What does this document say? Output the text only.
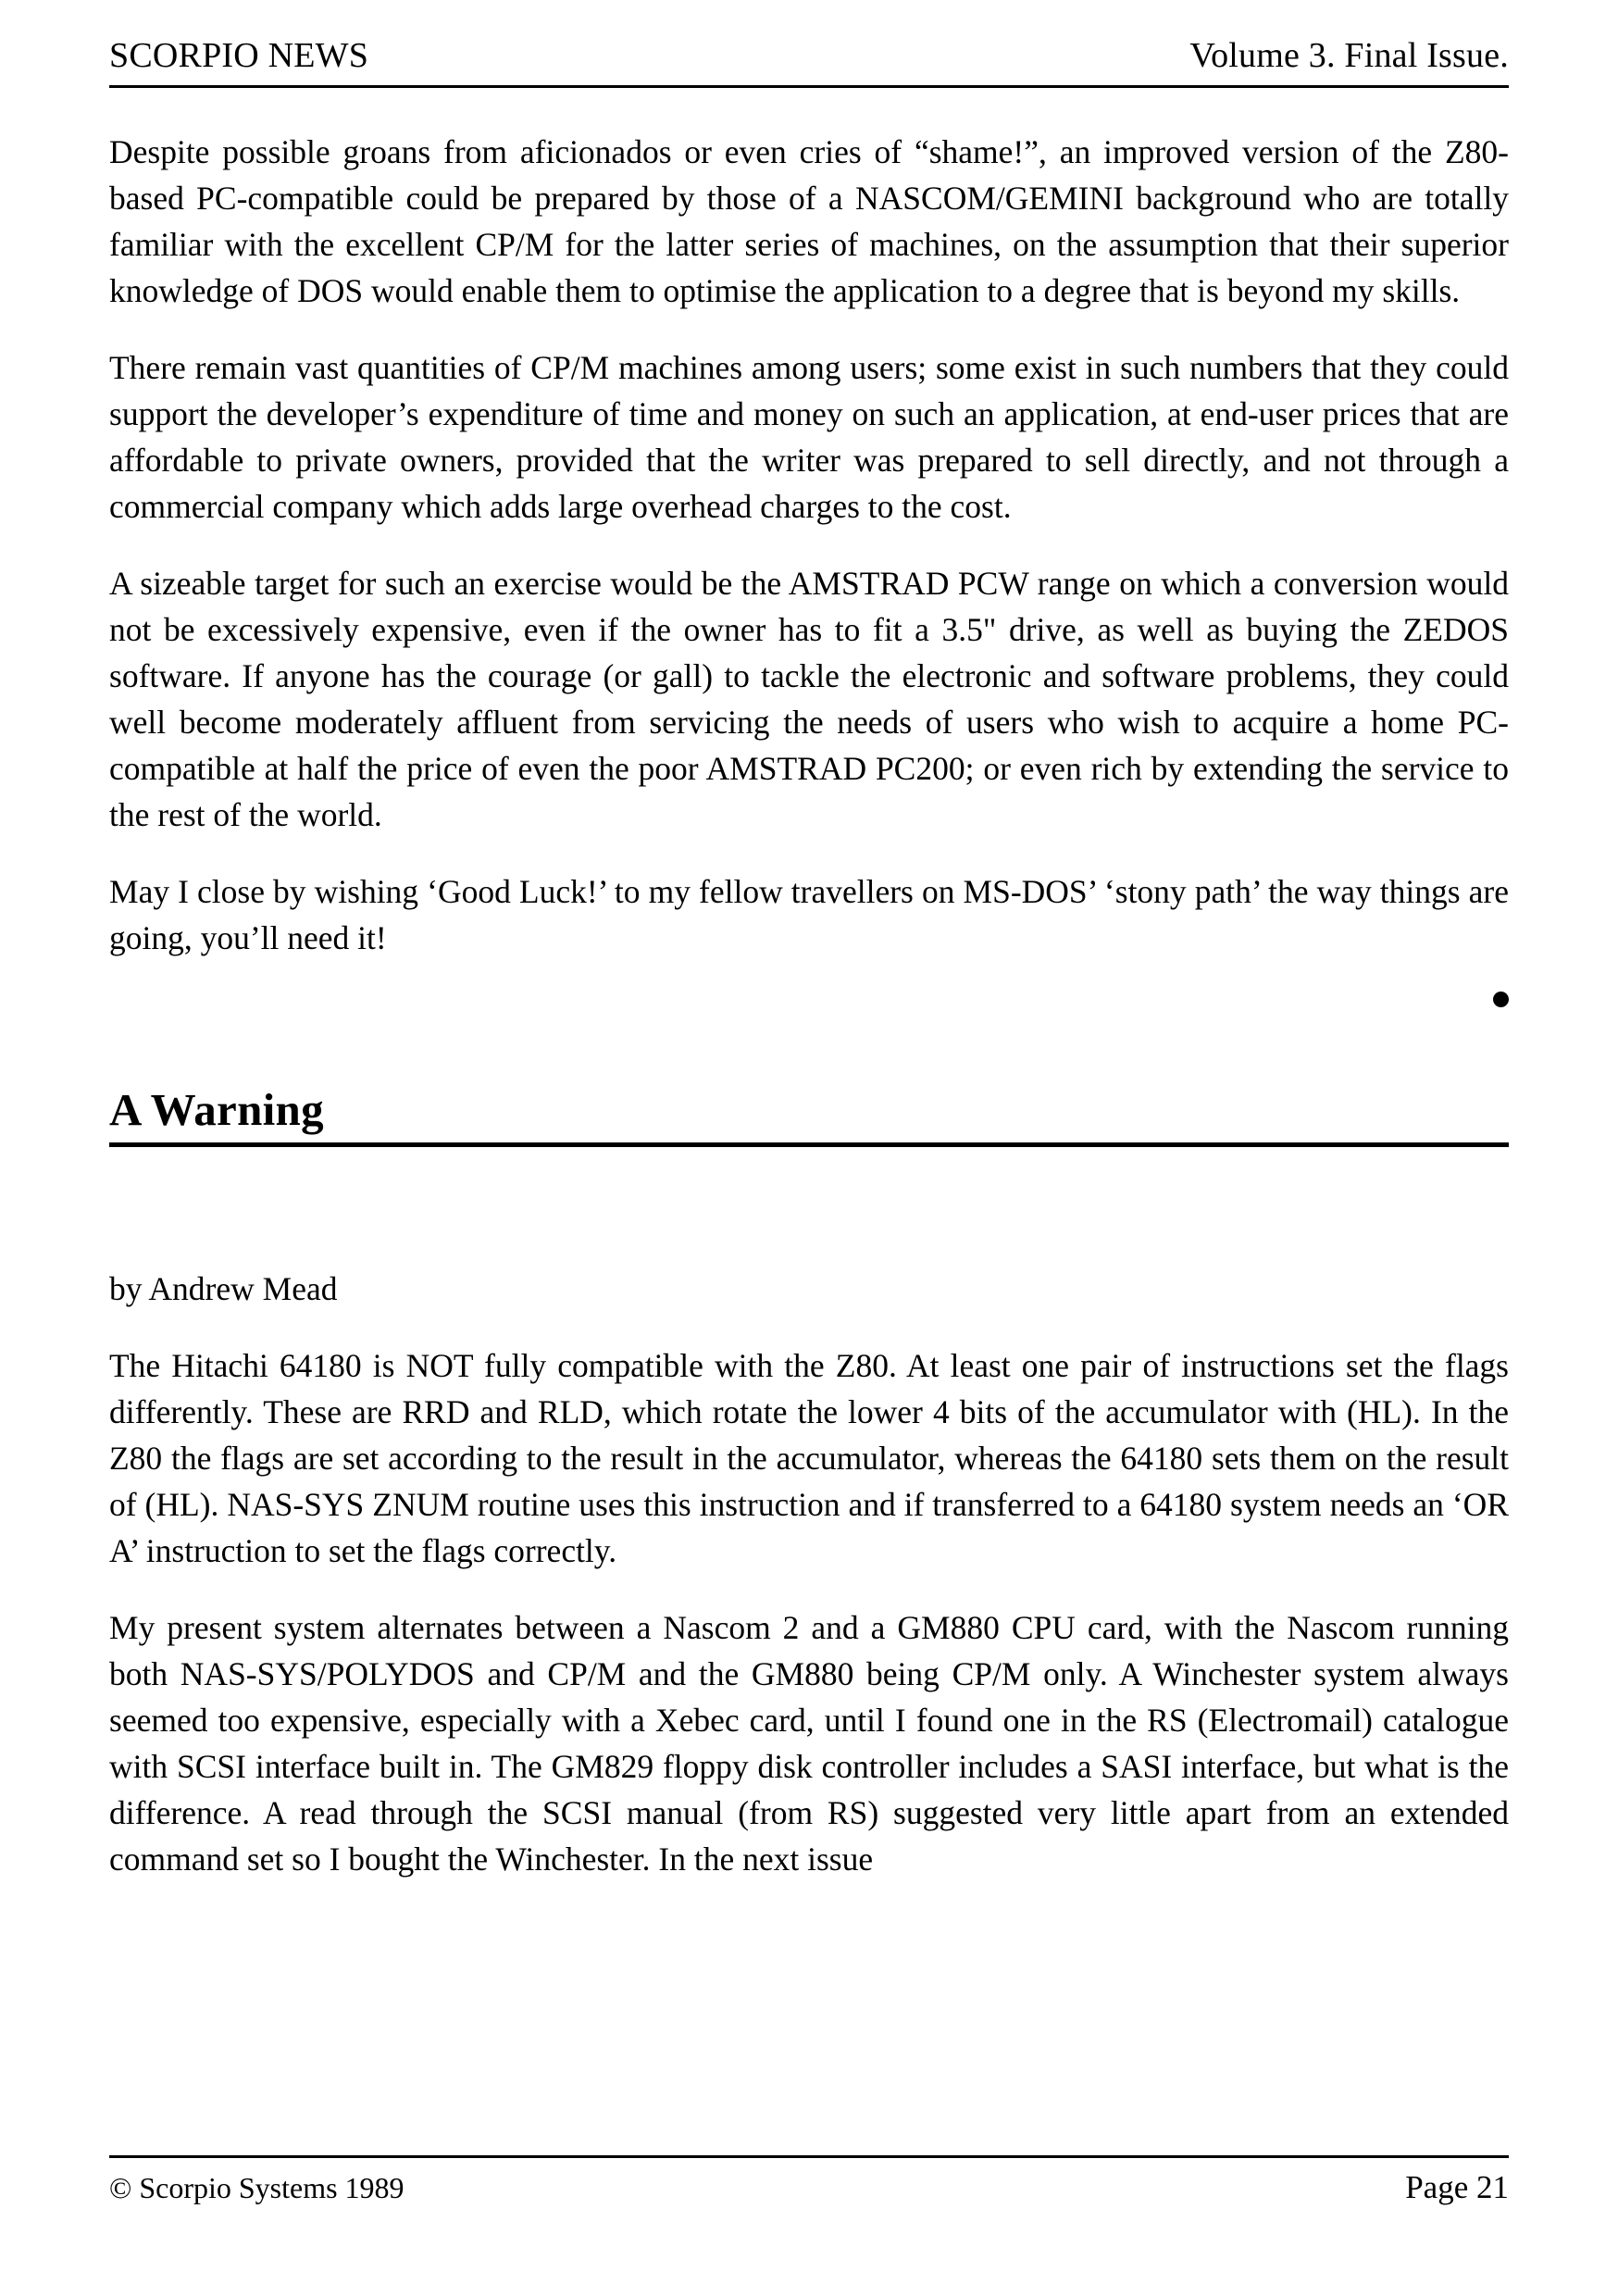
SCORPIO NEWS	Volume 3. Final Issue.

Despite possible groans from aficionados or even cries of “shame!”, an improved version of the Z80-based PC-compatible could be prepared by those of a NASCOM/GEMINI background who are totally familiar with the excellent CP/M for the latter series of machines, on the assumption that their superior knowledge of DOS would enable them to optimise the application to a degree that is beyond my skills.

There remain vast quantities of CP/M machines among users; some exist in such numbers that they could support the developer’s expenditure of time and money on such an application, at end-user prices that are affordable to private owners, provided that the writer was prepared to sell directly, and not through a commercial company which adds large overhead charges to the cost.

A sizeable target for such an exercise would be the AMSTRAD PCW range on which a conversion would not be excessively expensive, even if the owner has to fit a 3.5" drive, as well as buying the ZEDOS software. If anyone has the courage (or gall) to tackle the electronic and software problems, they could well become moderately affluent from servicing the needs of users who wish to acquire a home PC-compatible at half the price of even the poor AMSTRAD PC200; or even rich by extending the service to the rest of the world.

May I close by wishing ‘Good Luck!’ to my fellow travellers on MS-DOS’ ‘stony path’ the way things are going, you’ll need it!

A Warning
by Andrew Mead

The Hitachi 64180 is NOT fully compatible with the Z80. At least one pair of instructions set the flags differently. These are RRD and RLD, which rotate the lower 4 bits of the accumulator with (HL). In the Z80 the flags are set according to the result in the accumulator, whereas the 64180 sets them on the result of (HL). NAS-SYS ZNUM routine uses this instruction and if transferred to a 64180 system needs an ‘OR A’ instruction to set the flags correctly.

My present system alternates between a Nascom 2 and a GM880 CPU card, with the Nascom running both NAS-SYS/POLYDOS and CP/M and the GM880 being CP/M only. A Winchester system always seemed too expensive, especially with a Xebec card, until I found one in the RS (Electromail) catalogue with SCSI interface built in. The GM829 floppy disk controller includes a SASI interface, but what is the difference. A read through the SCSI manual (from RS) suggested very little apart from an extended command set so I bought the Winchester. In the next issue

© Scorpio Systems 1989	Page 21
